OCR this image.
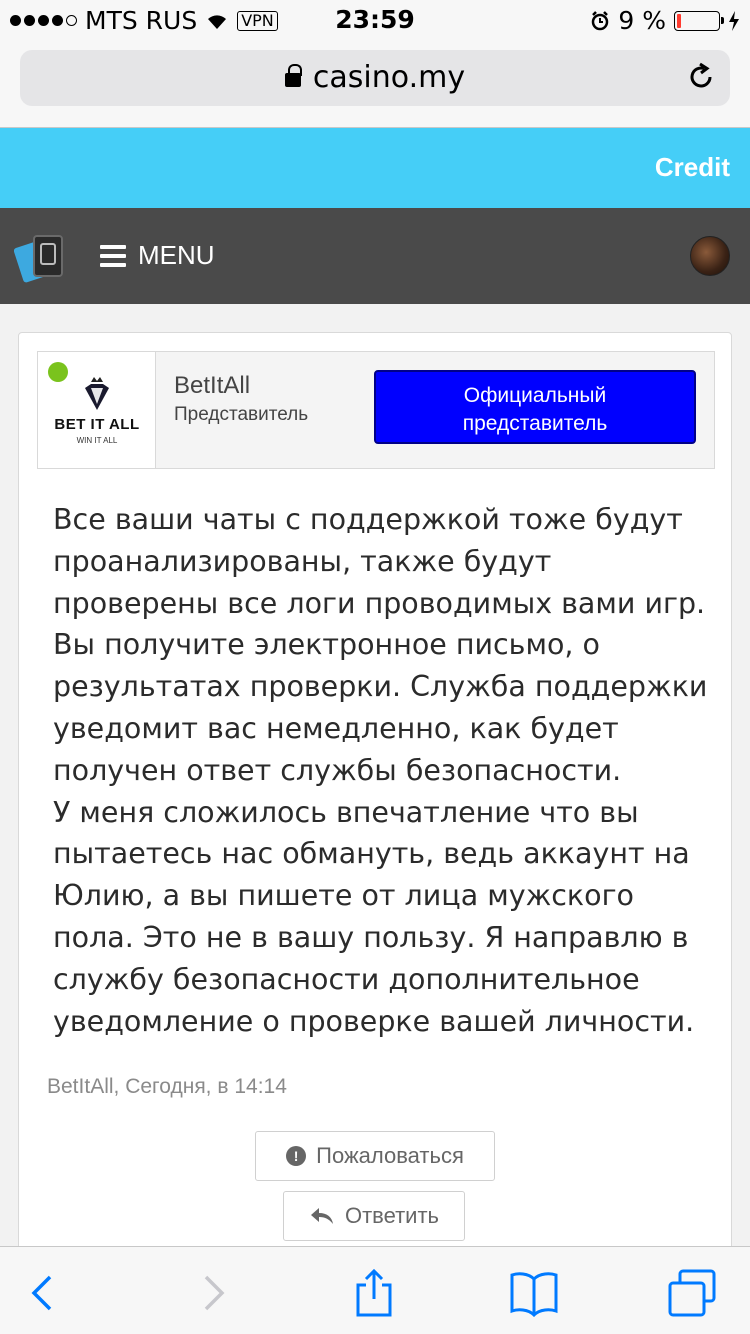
MTS RUS	VPN	23:59	9 %
casino.my
Credit
MENU
BET IT ALL
WIN IT ALL
BetItAll
Представитель
Официальный
представитель
Все ваши чаты с поддержкой тоже будут проанализированы, также будут проверены все логи проводимых вами игр. Вы получите электронное письмо, о результатах проверки. Служба поддержки уведомит вас немедленно, как будет получен ответ службы безопасности.
У меня сложилось впечатление что вы пытаетесь нас обмануть, ведь аккаунт на Юлию, а вы пишете от лица мужского пола. Это не в вашу пользу. Я направлю в службу безопасности дополнительное уведомление о проверке вашей личности.
BetItAll, Сегодня, в 14:14
! Пожаловаться
Ответить
